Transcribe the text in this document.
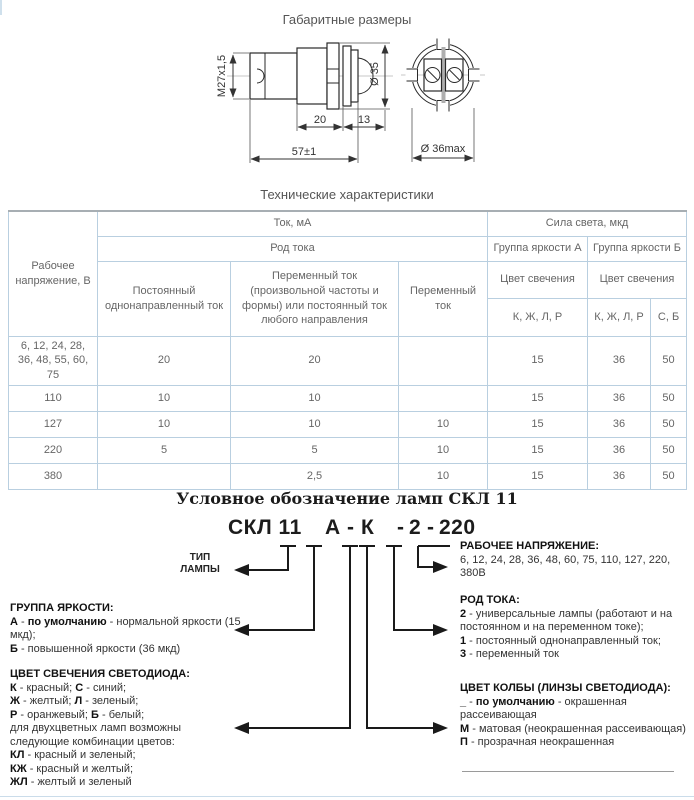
Габаритные размеры
М27х1,5	Ø 35
20	13
57±1	Ø 36max
Технические характеристики
Рабочее напряжение, В	Ток, мА			Сила света, мкд		
	Род тока			Группа яркости А	Группа яркости Б	
	Постоянный однонаправленный ток	Переменный ток (произвольной частоты и формы) или постоянный ток любого направления	Переменный ток	Цвет свечения	Цвет свечения	
				К, Ж, Л, Р	К, Ж, Л, Р	С, Б
6, 12, 24, 28, 36, 48, 55, 60, 75	20	20		15	36	50
110	10	10		15	36	50
127	10	10	10	15	36	50
220	5	5	10	15	36	50
380		2,5	10	15	36	50
Условное обозначение ламп СКЛ 11
СКЛ 11 А - К - 2 - 220
ТИП
ЛАМПЫ
ГРУППА ЯРКОСТИ:
А - по умолчанию - нормальной яркости (15 мкд);
Б - повышенной яркости (36 мкд)
ЦВЕТ СВЕЧЕНИЯ СВЕТОДИОДА:
К - красный; С - синий;
Ж - желтый; Л - зеленый;
Р - оранжевый; Б - белый;
для двухцветных ламп возможны
следующие комбинации цветов:
КЛ - красный и зеленый;
КЖ - красный и желтый;
ЖЛ - желтый и зеленый
РАБОЧЕЕ НАПРЯЖЕНИЕ:
6, 12, 24, 28, 36, 48, 60, 75, 110, 127, 220, 380В
РОД ТОКА:
2 - универсальные лампы (работают и на постоянном и на переменном токе);
1 - постоянный однонаправленный ток;
3 - переменный ток
ЦВЕТ КОЛБЫ (ЛИНЗЫ СВЕТОДИОДА):
_ - по умолчанию - окрашенная рассеивающая
М - матовая (неокрашенная рассеивающая)
П - прозрачная неокрашенная
